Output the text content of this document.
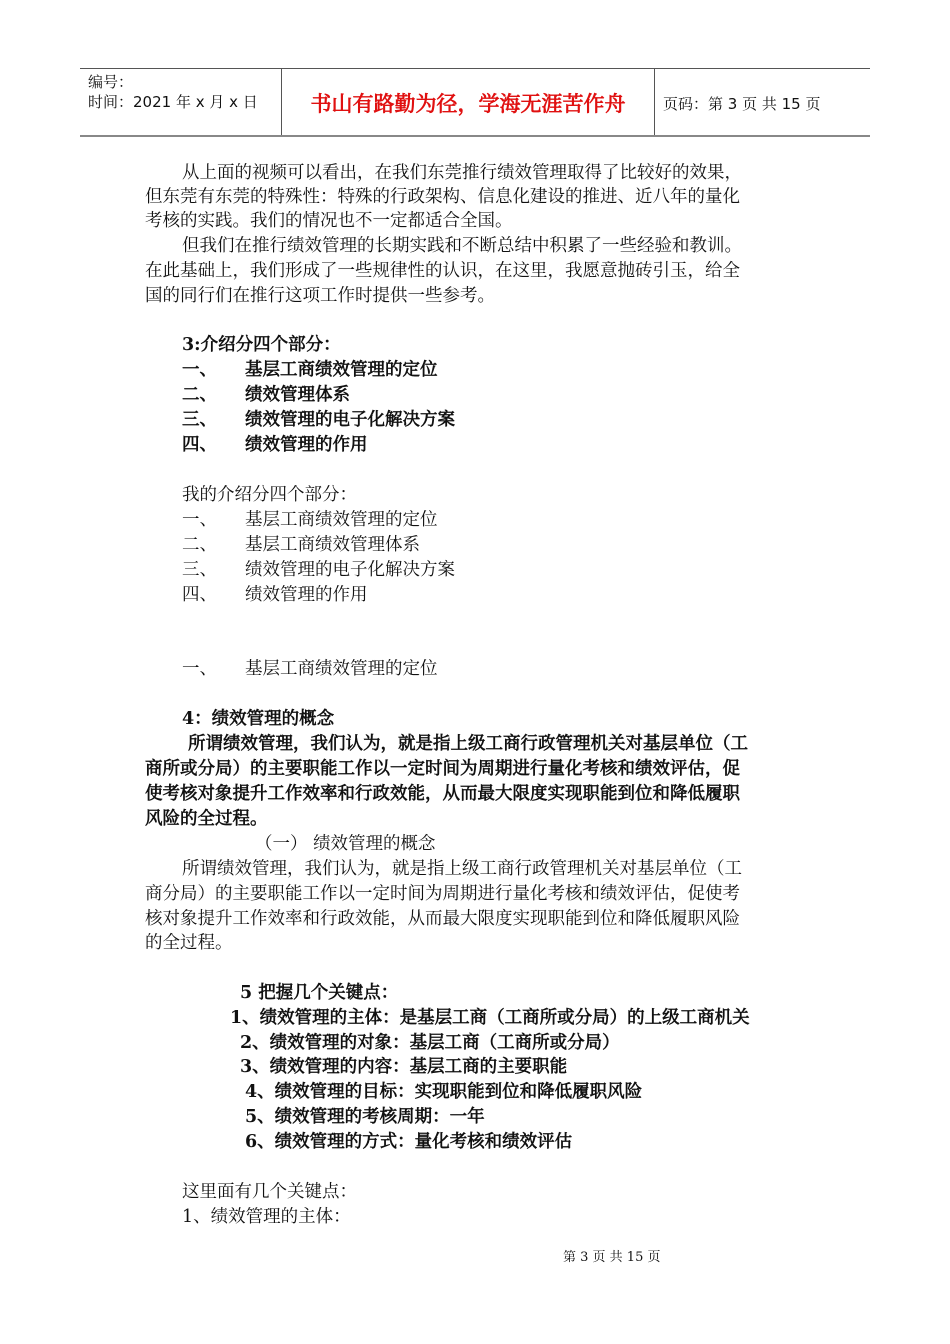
编号：
时间：2021 年 x 月 x 日	书山有路勤为径，学海无涯苦作舟	页码：第 3 页 共 15 页
从上面的视频可以看出，在我们东莞推行绩效管理取得了比较好的效果，
但东莞有东莞的特殊性：特殊的行政架构、信息化建设的推进、近八年的量化
考核的实践。我们的情况也不一定都适合全国。
但我们在推行绩效管理的长期实践和不断总结中积累了一些经验和教训。
在此基础上，我们形成了一些规律性的认识，在这里，我愿意抛砖引玉，给全
国的同行们在推行这项工作时提供一些参考。
3:介绍分四个部分：
一、 基层工商绩效管理的定位
二、 绩效管理体系
三、 绩效管理的电子化解决方案
四、 绩效管理的作用
我的介绍分四个部分：
一、 基层工商绩效管理的定位
二、 基层工商绩效管理体系
三、 绩效管理的电子化解决方案
四、 绩效管理的作用
一、 基层工商绩效管理的定位
4：绩效管理的概念
所谓绩效管理，我们认为，就是指上级工商行政管理机关对基层单位（工
商所或分局）的主要职能工作以一定时间为周期进行量化考核和绩效评估，促
使考核对象提升工作效率和行政效能，从而最大限度实现职能到位和降低履职
风险的全过程。
（一） 绩效管理的概念
所谓绩效管理，我们认为，就是指上级工商行政管理机关对基层单位（工
商分局）的主要职能工作以一定时间为周期进行量化考核和绩效评估，促使考
核对象提升工作效率和行政效能，从而最大限度实现职能到位和降低履职风险
的全过程。
5 把握几个关键点：
1、绩效管理的主体：是基层工商（工商所或分局）的上级工商机关
2、绩效管理的对象：基层工商（工商所或分局）
3、绩效管理的内容：基层工商的主要职能
4、绩效管理的目标：实现职能到位和降低履职风险
5、绩效管理的考核周期：一年
6、绩效管理的方式：量化考核和绩效评估
这里面有几个关键点：
1、绩效管理的主体：
第 3 页 共 15 页
